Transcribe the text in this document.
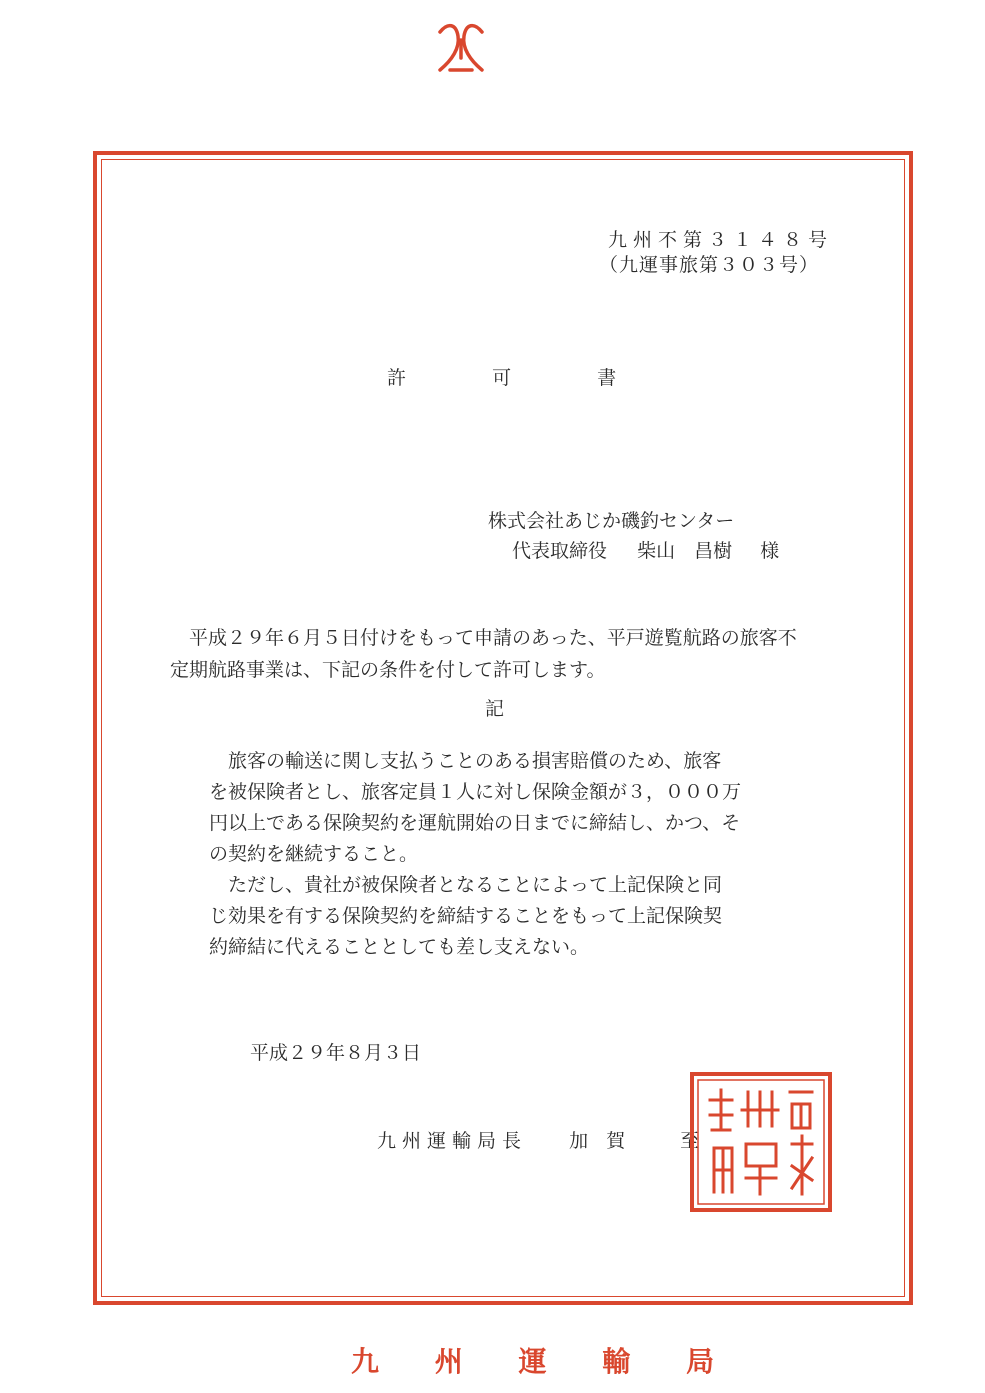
九州不第３１４８号
（九運事旅第３０３号）
許	可	書
株式会社あじか磯釣センター
代表取締役 柴山　昌樹 様
　平成２９年６月５日付けをもって申請のあった、平戸遊覧航路の旅客不
定期航路事業は、下記の条件を付して許可します。
記
　旅客の輸送に関し支払うことのある損害賠償のため、旅客
を被保険者とし、旅客定員１人に対し保険金額が３，０００万
円以上である保険契約を運航開始の日までに締結し、かつ、そ
の契約を継続すること。
　ただし、貴社が被保険者となることによって上記保険と同
じ効果を有する保険契約を締結することをもって上記保険契
約締結に代えることとしても差し支えない。
平成２９年８月３日
九州運輸局長 加賀　至
九 州 運 輸 局
